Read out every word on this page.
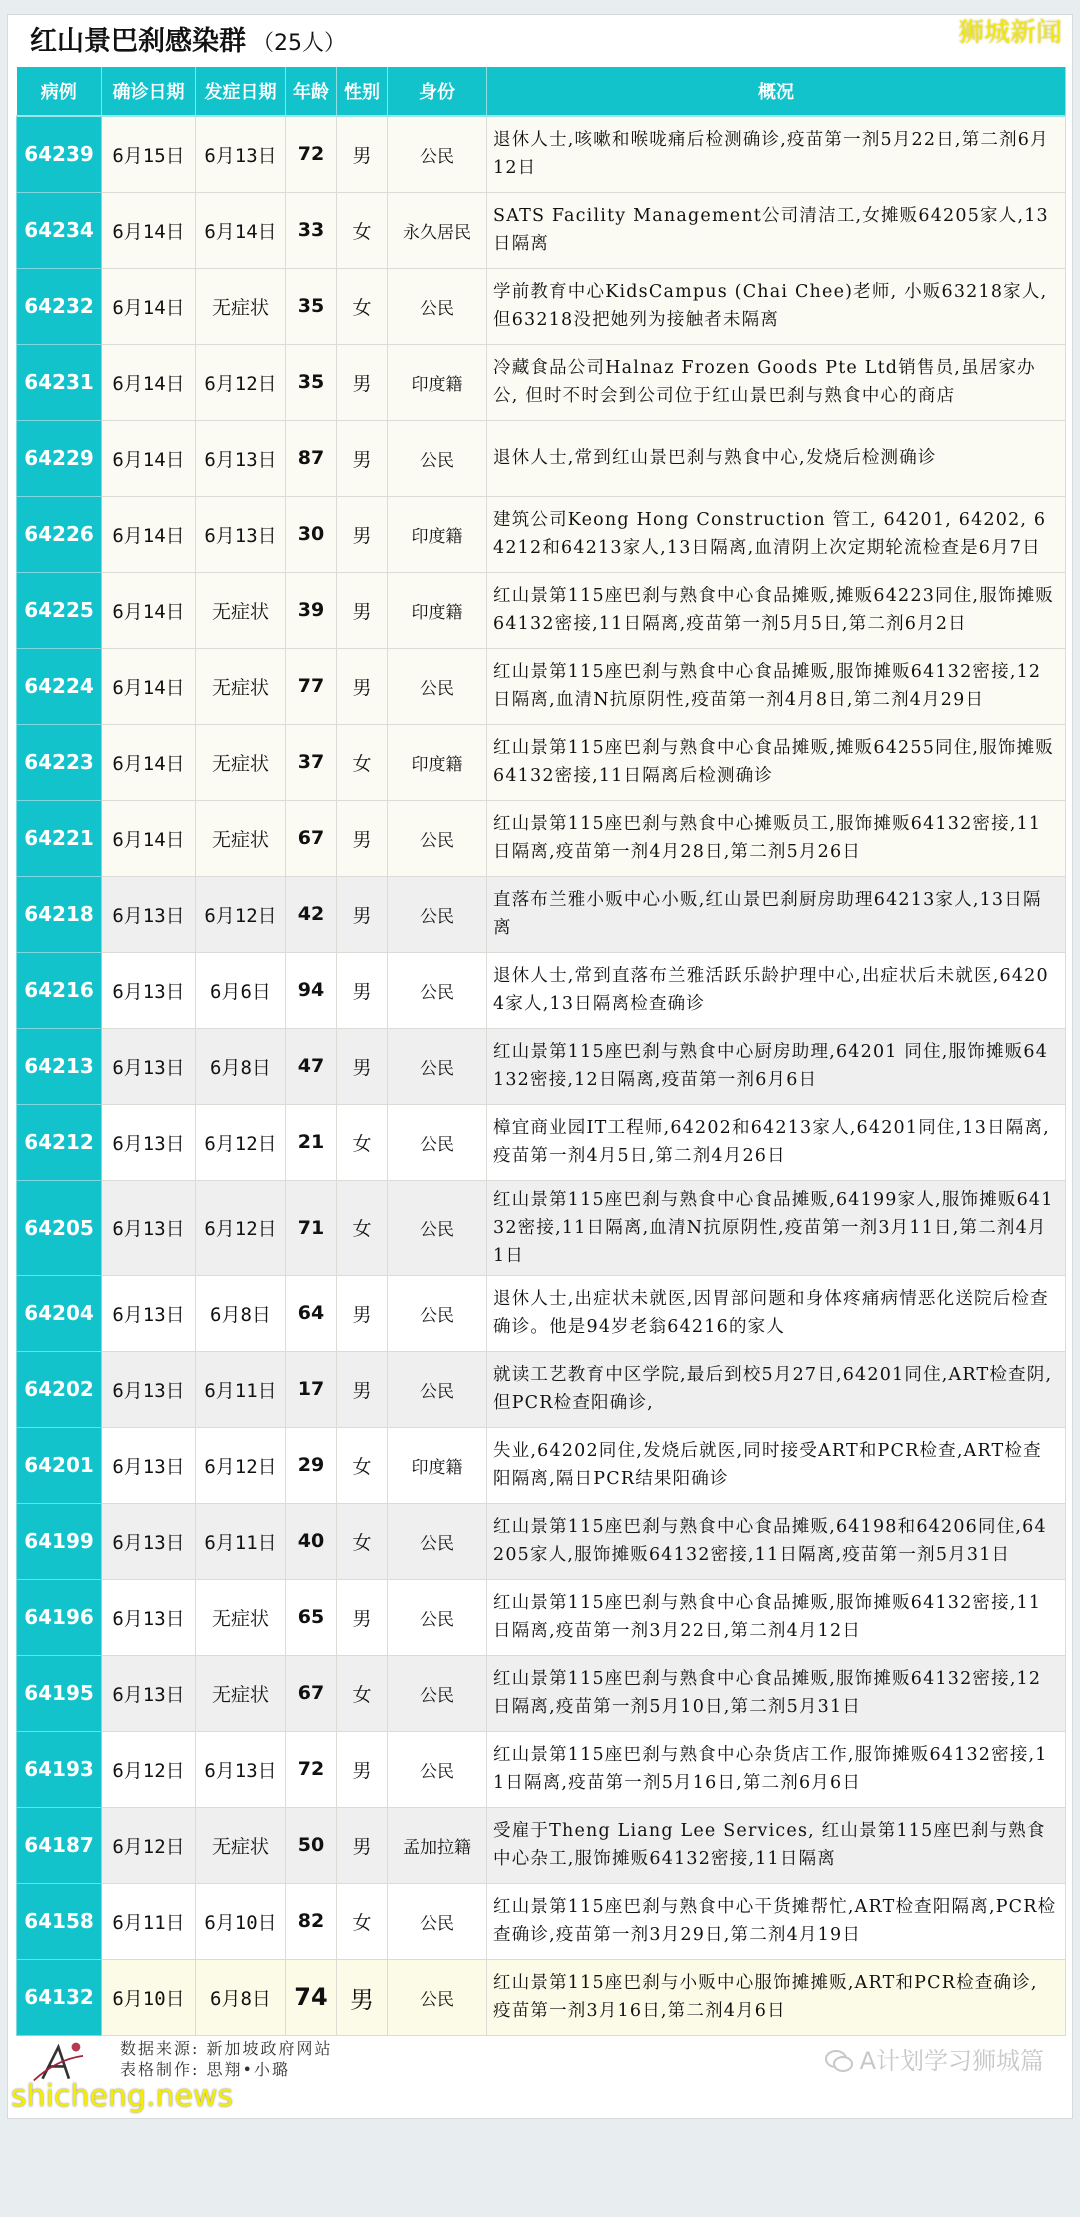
红山景巴刹感染群 （25人）	狮城新闻
病例	确诊日期	发症日期	年龄	性别	身份	概况
64239	6月15日	6月13日	72	男	公民	退休人士,咳嗽和喉咙痛后检测确诊,疫苗第一剂5月22日,第二剂6月12日
64234	6月14日	6月14日	33	女	永久居民	SATS Facility Management公司清洁工,女摊贩64205家人,13日隔离
64232	6月14日	无症状	35	女	公民	学前教育中心KidsCampus (Chai Chee)老师, 小贩63218家人,但63218没把她列为接触者未隔离
64231	6月14日	6月12日	35	男	印度籍	冷藏食品公司Halnaz Frozen Goods Pte Ltd销售员,虽居家办公, 但时不时会到公司位于红山景巴刹与熟食中心的商店
64229	6月14日	6月13日	87	男	公民	退休人士,常到红山景巴刹与熟食中心,发烧后检测确诊
64226	6月14日	6月13日	30	男	印度籍	建筑公司Keong Hong Construction 管工, 64201, 64202, 64212和64213家人,13日隔离,血清阴上次定期轮流检查是6月7日
64225	6月14日	无症状	39	男	印度籍	红山景第115座巴刹与熟食中心食品摊贩,摊贩64223同住,服饰摊贩64132密接,11日隔离,疫苗第一剂5月5日,第二剂6月2日
64224	6月14日	无症状	77	男	公民	红山景第115座巴刹与熟食中心食品摊贩,服饰摊贩64132密接,12日隔离,血清N抗原阴性,疫苗第一剂4月8日,第二剂4月29日
64223	6月14日	无症状	37	女	印度籍	红山景第115座巴刹与熟食中心食品摊贩,摊贩64255同住,服饰摊贩64132密接,11日隔离后检测确诊
64221	6月14日	无症状	67	男	公民	红山景第115座巴刹与熟食中心摊贩员工,服饰摊贩64132密接,11日隔离,疫苗第一剂4月28日,第二剂5月26日
64218	6月13日	6月12日	42	男	公民	直落布兰雅小贩中心小贩,红山景巴刹厨房助理64213家人,13日隔离
64216	6月13日	6月6日	94	男	公民	退休人士,常到直落布兰雅活跃乐龄护理中心,出症状后未就医,64204家人,13日隔离检查确诊
64213	6月13日	6月8日	47	男	公民	红山景第115座巴刹与熟食中心厨房助理,64201 同住,服饰摊贩64132密接,12日隔离,疫苗第一剂6月6日
64212	6月13日	6月12日	21	女	公民	樟宜商业园IT工程师,64202和64213家人,64201同住,13日隔离,疫苗第一剂4月5日,第二剂4月26日
64205	6月13日	6月12日	71	女	公民	红山景第115座巴刹与熟食中心食品摊贩,64199家人,服饰摊贩64132密接,11日隔离,血清N抗原阴性,疫苗第一剂3月11日,第二剂4月1日
64204	6月13日	6月8日	64	男	公民	退休人士,出症状未就医,因胃部问题和身体疼痛病情恶化送院后检查确诊。他是94岁老翁64216的家人
64202	6月13日	6月11日	17	男	公民	就读工艺教育中区学院,最后到校5月27日,64201同住,ART检查阴,但PCR检查阳确诊,
64201	6月13日	6月12日	29	女	印度籍	失业,64202同住,发烧后就医,同时接受ART和PCR检查,ART检查阳隔离,隔日PCR结果阳确诊
64199	6月13日	6月11日	40	女	公民	红山景第115座巴刹与熟食中心食品摊贩,64198和64206同住,64205家人,服饰摊贩64132密接,11日隔离,疫苗第一剂5月31日
64196	6月13日	无症状	65	男	公民	红山景第115座巴刹与熟食中心食品摊贩,服饰摊贩64132密接,11日隔离,疫苗第一剂3月22日,第二剂4月12日
64195	6月13日	无症状	67	女	公民	红山景第115座巴刹与熟食中心食品摊贩,服饰摊贩64132密接,12日隔离,疫苗第一剂5月10日,第二剂5月31日
64193	6月12日	6月13日	72	男	公民	红山景第115座巴刹与熟食中心杂货店工作,服饰摊贩64132密接,11日隔离,疫苗第一剂5月16日,第二剂6月6日
64187	6月12日	无症状	50	男	孟加拉籍	受雇于Theng Liang Lee Services, 红山景第115座巴刹与熟食中心杂工,服饰摊贩64132密接,11日隔离
64158	6月11日	6月10日	82	女	公民	红山景第115座巴刹与熟食中心干货摊帮忙,ART检查阳隔离,PCR检查确诊,疫苗第一剂3月29日,第二剂4月19日
64132	6月10日	6月8日	74	男	公民	红山景第115座巴刹与小贩中心服饰摊摊贩,ART和PCR检查确诊, 疫苗第一剂3月16日,第二剂4月6日
数据来源: 新加坡政府网站
表格制作: 思翔•小璐	A计划学习狮城篇
shicheng.news
